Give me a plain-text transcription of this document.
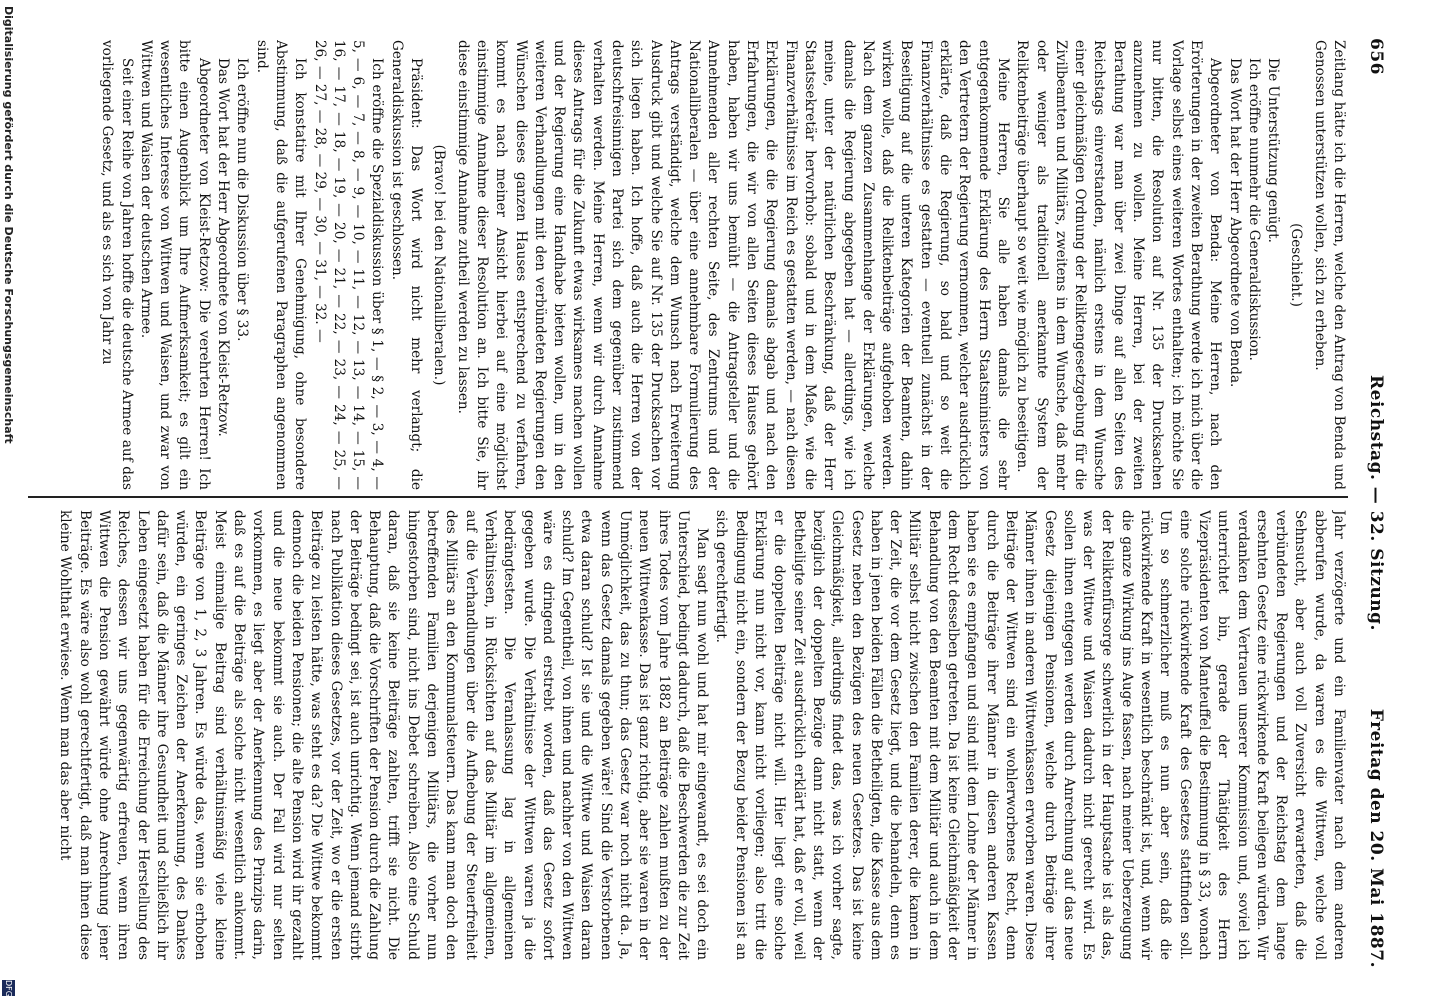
656
Reichstag. — 32. Sitzung.
Freitag den 20. Mai 1887.

Zeitlang hätte ich die Herren, welche den Antrag von Benda und Genossen unterstützen wollen, sich zu erheben.

(Geschieht.)

Die Unterstützung genügt.

Ich eröffne nunmehr die Generaldiskussion.

Das Wort hat der Herr Abgeordnete von Benda.

Abgeordneter von Benda: Meine Herren, nach den Erörterungen in der zweiten Berathung werde ich mich über die Vorlage selbst eines weiteren Wortes enthalten; ich möchte Sie nur bitten, die Resolution auf Nr. 135 der Drucksachen anzunehmen zu wollen. Meine Herren, bei der zweiten Berathung war man über zwei Dinge auf allen Seiten des Reichstags einverstanden, nämlich erstens in dem Wunsche einer gleichmäßigen Ordnung der Reliktengesetzgebung für die Zivilbeamten und Militärs, zweitens in dem Wunsche, daß mehr oder weniger als traditionell anerkannte System der Reliktenbeiträge überhaupt so weit wie möglich zu beseitigen.

Meine Herren, Sie alle haben damals die sehr entgegenkommende Erklärung des Herrn Staatsministers von den Vertretern der Regierung vernommen, welcher ausdrücklich erklärte, daß die Regierung, so bald und so weit die Finanzverhältnisse es gestatten — eventuell zunächst in der Beseitigung auf die unteren Kategorien der Beamten, dahin wirken wolle, daß die Reliktenbeiträge aufgehoben werden. Nach dem ganzen Zusammenhange der Erklärungen, welche damals die Regierung abgegeben hat — allerdings, wie ich meine, unter der natürlichen Beschränkung, daß der Herr Staatssekretär hervorhob: sobald und in dem Maße, wie die Finanzverhältnisse im Reich es gestatten werden, — nach diesen Erklärungen, die die Regierung damals abgab und nach den Erfahrungen, die wir von allen Seiten dieses Hauses gehört haben, haben wir uns bemüht — die Antragsteller und die Annehmenden aller rechten Seite, des Zentrums und der Nationalliberalen — über eine annehmbare Formulierung des Antrags verständigt, welche dem Wunsch nach Erweiterung Ausdruck gibt und welche Sie auf Nr. 135 der Drucksachen vor sich liegen haben. Ich hoffe, daß auch die Herren von der deutschfreisinnigen Partei sich dem gegenüber zustimmend verhalten werden. Meine Herren, wenn wir durch Annahme dieses Antrags für die Zukunft etwas wirksames machen wollen und der Regierung eine Handhabe bieten wollen, um in den weiteren Verhandlungen mit den verbündeten Regierungen den Wünschen dieses ganzen Hauses entsprechend zu verfahren, kommt es nach meiner Ansicht hierbei auf eine möglichst einstimmige Annahme dieser Resolution an. Ich bitte Sie, ihr diese einstimmige Annahme zutheil werden zu lassen.

(Bravo! bei den Nationalliberalen.)

Präsident: Das Wort wird nicht mehr verlangt; die Generaldiskussion ist geschlossen.

Ich eröffne die Spezialdiskussion über § 1, — § 2, — 3, — 4, — 5, — 6, — 7, — 8, — 9, — 10, — 11, — 12, — 13, — 14, — 15, — 16, — 17, — 18, — 19, — 20, — 21, — 22, — 23, — 24, — 25, — 26, — 27, — 28, — 29, — 30, — 31, — 32. —

Ich konstatire mit Ihrer Genehmigung, ohne besondere Abstimmung, daß die aufgerufenen Paragraphen angenommen sind.

Ich eröffne nun die Diskussion über § 33.

Das Wort hat der Herr Abgeordnete von Kleist-Retzow.

Abgeordneter von Kleist-Retzow: Die verehrten Herren! Ich bitte einen Augenblick um Ihre Aufmerksamkeit; es gilt ein wesentliches Interesse von Wittwen und Waisen, und zwar von Wittwen und Waisen der deutschen Armee.

Seit einer Reihe von Jahren hoffte die deutsche Armee auf das vorliegende Gesetz, und als es sich von Jahr zu

Jahr verzögerte und ein Familienvater nach dem anderen abberufen wurde, da waren es die Wittwen, welche voll Sehnsucht, aber auch voll Zuversicht erwarteten, daß die verbündeten Regierungen und der Reichstag dem lange ersehnten Gesetz eine rückwirkende Kraft beilegen würden. Wir verdanken dem Vertrauen unserer Kommission und, soviel ich unterrichtet bin, gerade der Thätigkeit des Herrn Vizepräsidenten von Manteuffel die Bestimmung in § 33, wonach eine solche rückwirkende Kraft des Gesetzes stattfinden soll. Um so schmerzlicher muß es nun aber sein, daß die rückwirkende Kraft in wesentlich beschränkt ist, und, wenn wir die ganze Wirkung ins Auge fassen, nach meiner Ueberzeugung der Reliktenfürsorge schwerlich in der Hauptsache ist als das, was der Wittwe und Waisen dadurch nicht gerecht wird. Es sollen ihnen entgegen werden durch Anrechnung auf das neue Gesetz diejenigen Pensionen, welche durch Beiträge ihrer Männer ihnen in anderen Wittwenkassen erworben waren. Diese Beiträge der Wittwen sind ein wohlerworbenes Recht, denn durch die Beiträge ihrer Männer in diesen anderen Kassen haben sie es empfangen und sind mit dem Lohne der Männer in dem Recht desselben getreten. Da ist keine Gleichmäßigkeit der Behandlung von den Beamten mit dem Militär und auch in dem Militär selbst nicht zwischen den Familien derer, die kamen in der Zeit, die vor dem Gesetz liegt, und die behandeln, denn es haben in jenen beiden Fällen die Betheiligten, die Kasse aus dem Gesetz neben den Bezügen des neuen Gesetzes. Das ist keine Gleichmäßigkeit, allerdings findet das, was ich vorher sagte, bezüglich der doppelten Bezüge dann nicht statt, wenn der Betheiligte seiner Zeit ausdrücklich erklärt hat, daß er voll, weil er die doppelten Beiträge nicht will. Hier liegt eine solche Erklärung nun nicht vor, kann nicht vorliegen; also tritt die Bedingung nicht ein, sondern der Bezug beider Pensionen ist an sich gerechtfertigt.

Man sagt nun wohl und hat mir eingewandt, es sei doch ein Unterschied, bedingt dadurch, daß die Beschwerden die zur Zeit ihres Todes vom Jahre 1882 an Beiträge zahlen mußten zu der neuen Wittwenkasse. Das ist ganz richtig, aber sie waren in der Unmöglichkeit, das zu thun; das Gesetz war noch nicht da. Ja, wenn das Gesetz damals gegeben wäre! Sind die Verstorbenen etwa daran schuld? Ist sie und die Wittwe und Waisen daran schuld? Im Gegentheil, von ihnen und nachher von den Wittwen wäre es dringend erstrebt worden, daß das Gesetz sofort gegeben wurde. Die Verhältnisse der Wittwen waren ja die bedrängtesten. Die Veranlassung lag in allgemeinen Verhältnissen, in Rücksichten auf das Militär im allgemeinen, auf die Verhandlungen über die Aufhebung der Steuerfreiheit des Militärs an den Kommunalsteuern. Das kann man doch den betreffenden Familien derjenigen Militärs, die vorher nun hingestorben sind, nicht ins Debet schreiben. Also eine Schuld daran, daß sie keine Beiträge zahlten, trifft sie nicht. Die Behauptung, daß die Vorschriften der Pension durch die Zahlung der Beiträge bedingt sei, ist auch unrichtig. Wenn jemand stirbt nach Publikation dieses Gesetzes, vor der Zeit, wo er die ersten Beiträge zu leisten hätte, was steht es da? Die Wittwe bekommt dennoch die beiden Pensionen; die alte Pension wird ihr gezahlt und die neue bekommt sie auch. Der Fall wird nur selten vorkommen, es liegt aber der Anerkennung des Prinzips darin, daß es auf die Beiträge als solche nicht wesentlich ankommt. Meist einmalige Beitrag sind verhältnismäßig viele kleine Beiträge von 1, 2, 3 Jahren. Es würde das, wenn sie erhoben würden, ein geringes Zeichen der Anerkennung, des Dankes dafür sein, daß die Männer ihre Gesundheit und schließlich ihr Leben eingesetzt haben für die Erreichung der Herstellung des Reiches, dessen wir uns gegenwärtig erfreuen, wenn ihren Wittwen die Pension gewährt würde ohne Anrechnung jener Beiträge. Es wäre also wohl gerechtfertigt, daß man ihnen diese kleine Wohlthat erwiese. Wenn man das aber nicht

Digitalisierung gefördert durch die Deutsche Forschungsgemeinschaft
DFG
